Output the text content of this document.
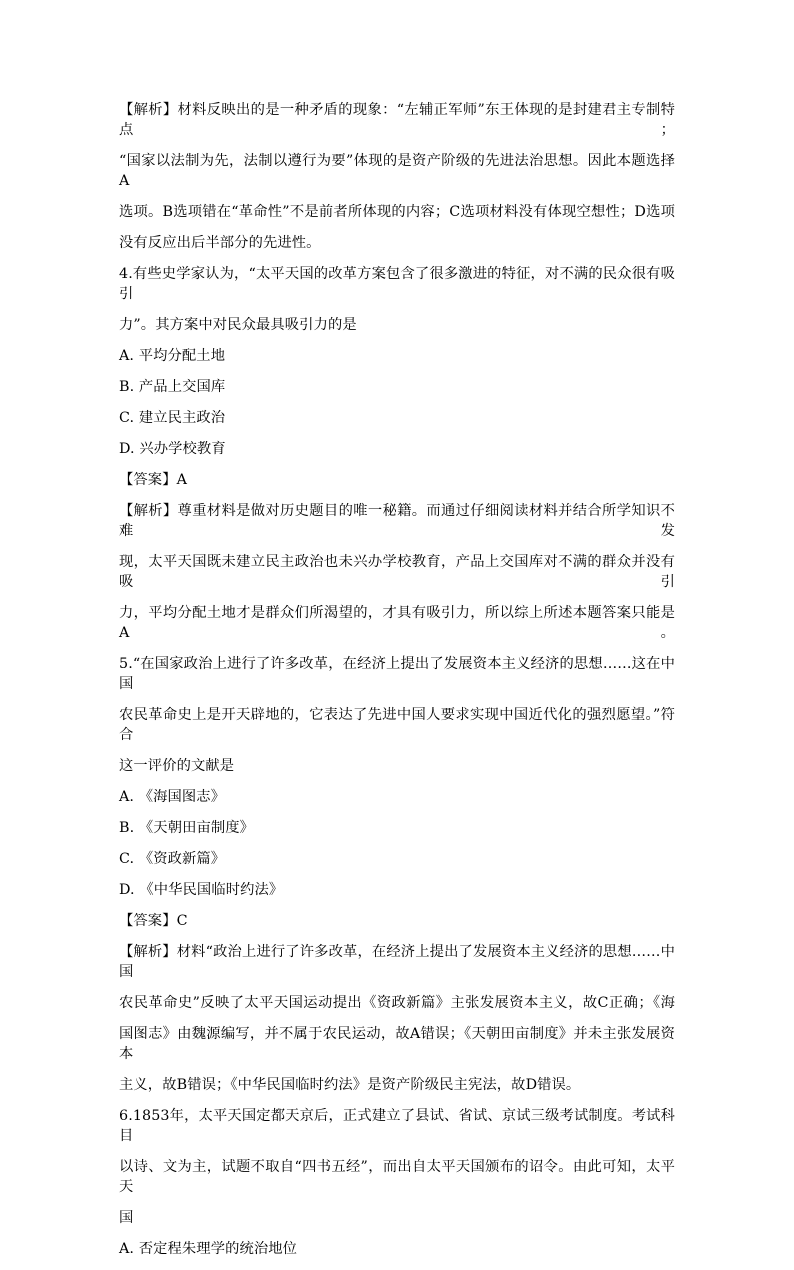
【解析】材料反映出的是一种矛盾的现象：“左辅正军师”东王体现的是封建君主专制特点；
“国家以法制为先，法制以遵行为要”体现的是资产阶级的先进法治思想。因此本题选择A
选项。B选项错在“革命性”不是前者所体现的内容；C选项材料没有体现空想性；D选项
没有反应出后半部分的先进性。
4.有些史学家认为，“太平天国的改革方案包含了很多激进的特征，对不满的民众很有吸引
力”。其方案中对民众最具吸引力的是
A. 平均分配土地
B. 产品上交国库
C. 建立民主政治
D. 兴办学校教育
【答案】A
【解析】尊重材料是做对历史题目的唯一秘籍。而通过仔细阅读材料并结合所学知识不难发
现，太平天国既未建立民主政治也未兴办学校教育，产品上交国库对不满的群众并没有吸引
力，平均分配土地才是群众们所渴望的，才具有吸引力，所以综上所述本题答案只能是A。
5.“在国家政治上进行了许多改革，在经济上提出了发展资本主义经济的思想……这在中国
农民革命史上是开天辟地的，它表达了先进中国人要求实现中国近代化的强烈愿望。”符合
这一评价的文献是
A. 《海国图志》
B. 《天朝田亩制度》
C. 《资政新篇》
D. 《中华民国临时约法》
【答案】C
【解析】材料“政治上进行了许多改革，在经济上提出了发展资本主义经济的思想……中国
农民革命史”反映了太平天国运动提出《资政新篇》主张发展资本主义，故C正确；《海
国图志》由魏源编写，并不属于农民运动，故A错误；《天朝田亩制度》并未主张发展资本
主义，故B错误；《中华民国临时约法》是资产阶级民主宪法，故D错误。
6.1853年，太平天国定都天京后，正式建立了县试、省试、京试三级考试制度。考试科目
以诗、文为主，试题不取自“四书五经”，而出自太平天国颁布的诏令。由此可知，太平天
国
A. 否定程朱理学的统治地位
